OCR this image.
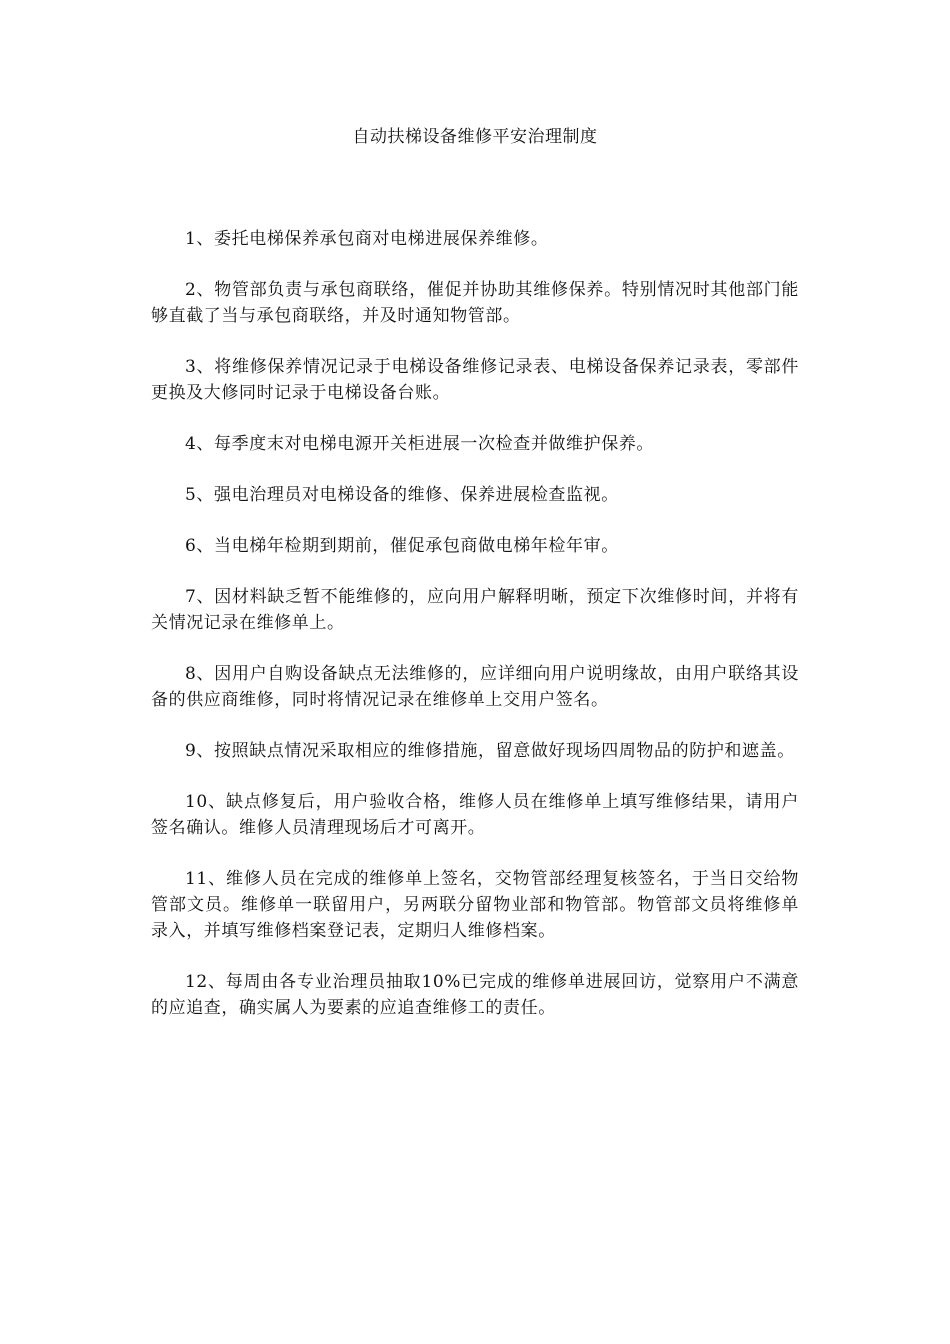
自动扶梯设备维修平安治理制度

1、委托电梯保养承包商对电梯进展保养维修。

2、物管部负责与承包商联络，催促并协助其维修保养。特别情况时其他部门能够直截了当与承包商联络，并及时通知物管部。

3、将维修保养情况记录于电梯设备维修记录表、电梯设备保养记录表，零部件更换及大修同时记录于电梯设备台账。

4、每季度末对电梯电源开关柜进展一次检查并做维护保养。

5、强电治理员对电梯设备的维修、保养进展检查监视。

6、当电梯年检期到期前，催促承包商做电梯年检年审。

7、因材料缺乏暂不能维修的，应向用户解释明晰，预定下次维修时间，并将有关情况记录在维修单上。

8、因用户自购设备缺点无法维修的，应详细向用户说明缘故，由用户联络其设备的供应商维修，同时将情况记录在维修单上交用户签名。

9、按照缺点情况采取相应的维修措施，留意做好现场四周物品的防护和遮盖。

10、缺点修复后，用户验收合格，维修人员在维修单上填写维修结果，请用户签名确认。维修人员清理现场后才可离开。

11、维修人员在完成的维修单上签名，交物管部经理复核签名，于当日交给物管部文员。维修单一联留用户，另两联分留物业部和物管部。物管部文员将维修单录入，并填写维修档案登记表，定期归人维修档案。

12、每周由各专业治理员抽取10%已完成的维修单进展回访，觉察用户不满意的应追查，确实属人为要素的应追查维修工的责任。
